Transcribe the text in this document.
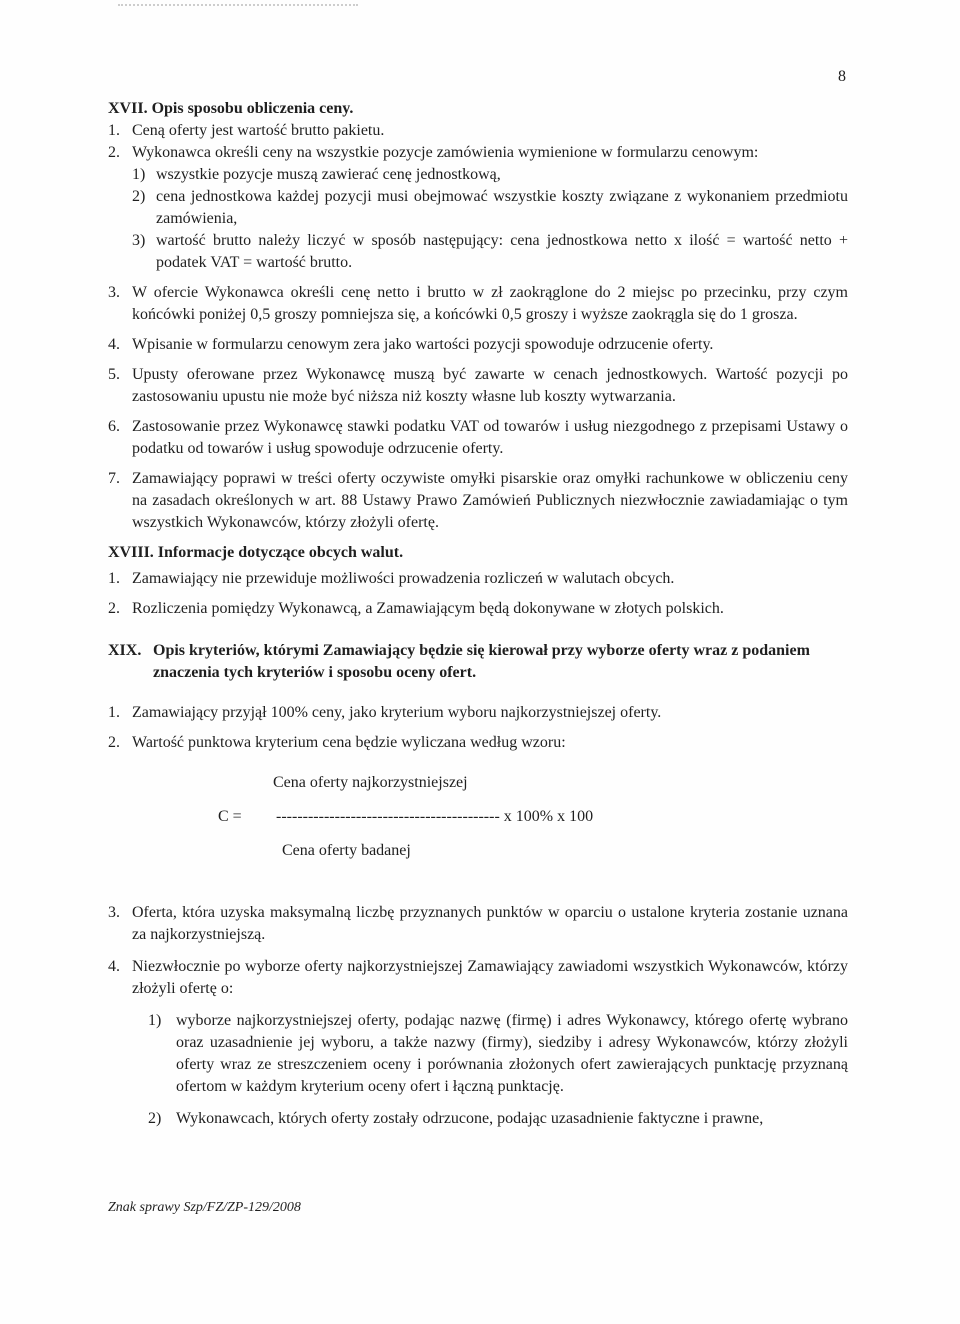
8

XVII. Opis sposobu obliczenia ceny.

1. Ceną oferty jest wartość brutto pakietu.
2. Wykonawca określi ceny na wszystkie pozycje zamówienia wymienione w formularzu cenowym:
1) wszystkie pozycje muszą zawierać cenę jednostkową,
2) cena jednostkowa każdej pozycji musi obejmować wszystkie koszty związane z wykonaniem przedmiotu zamówienia,
3) wartość brutto należy liczyć w sposób następujący: cena jednostkowa netto x ilość = wartość netto + podatek VAT = wartość brutto.
3. W ofercie Wykonawca określi cenę netto i brutto w zł zaokrąglone do 2 miejsc po przecinku, przy czym końcówki poniżej 0,5 groszy pomniejsza się, a końcówki 0,5 groszy i wyższe zaokrągla się do 1 grosza.
4. Wpisanie w formularzu cenowym zera jako wartości pozycji spowoduje odrzucenie oferty.
5. Upusty oferowane przez Wykonawcę muszą być zawarte w cenach jednostkowych. Wartość pozycji po zastosowaniu upustu nie może być niższa niż koszty własne lub koszty wytwarzania.
6. Zastosowanie przez Wykonawcę stawki podatku VAT od towarów i usług niezgodnego z przepisami Ustawy o podatku od towarów i usług spowoduje odrzucenie oferty.
7. Zamawiający poprawi w treści oferty oczywiste omyłki pisarskie oraz omyłki rachunkowe w obliczeniu ceny na zasadach określonych w art. 88 Ustawy Prawo Zamówień Publicznych niezwłocznie zawiadamiając o tym wszystkich Wykonawców, którzy złożyli ofertę.

XVIII. Informacje dotyczące obcych walut.

1. Zamawiający nie przewiduje możliwości prowadzenia rozliczeń w walutach obcych.
2. Rozliczenia pomiędzy Wykonawcą, a Zamawiającym będą dokonywane w złotych polskich.
XIX. Opis kryteriów, którymi Zamawiający będzie się kierował przy wyborze oferty wraz z podaniem znaczenia tych kryteriów i sposobu oceny ofert.
1. Zamawiający przyjął 100% ceny, jako kryterium wyboru najkorzystniejszej oferty.
2. Wartość punktowa kryterium cena będzie wyliczana według wzoru:
Cena oferty najkorzystniejszej
C = ------------------------------------------ x 100% x 100
Cena oferty badanej
3. Oferta, która uzyska maksymalną liczbę przyznanych punktów w oparciu o ustalone kryteria zostanie uznana za najkorzystniejszą.
4. Niezwłocznie po wyborze oferty najkorzystniejszej Zamawiający zawiadomi wszystkich Wykonawców, którzy złożyli ofertę o:
1) wyborze najkorzystniejszej oferty, podając nazwę (firmę) i adres Wykonawcy, którego ofertę wybrano oraz uzasadnienie jej wyboru, a także nazwy (firmy), siedziby i adresy Wykonawców, którzy złożyli oferty wraz ze streszczeniem oceny i porównania złożonych ofert zawierających punktację przyznaną ofertom w każdym kryterium oceny ofert i łączną punktację.
2) Wykonawcach, których oferty zostały odrzucone, podając uzasadnienie faktyczne i prawne,
Znak sprawy Szp/FZ/ZP-129/2008
